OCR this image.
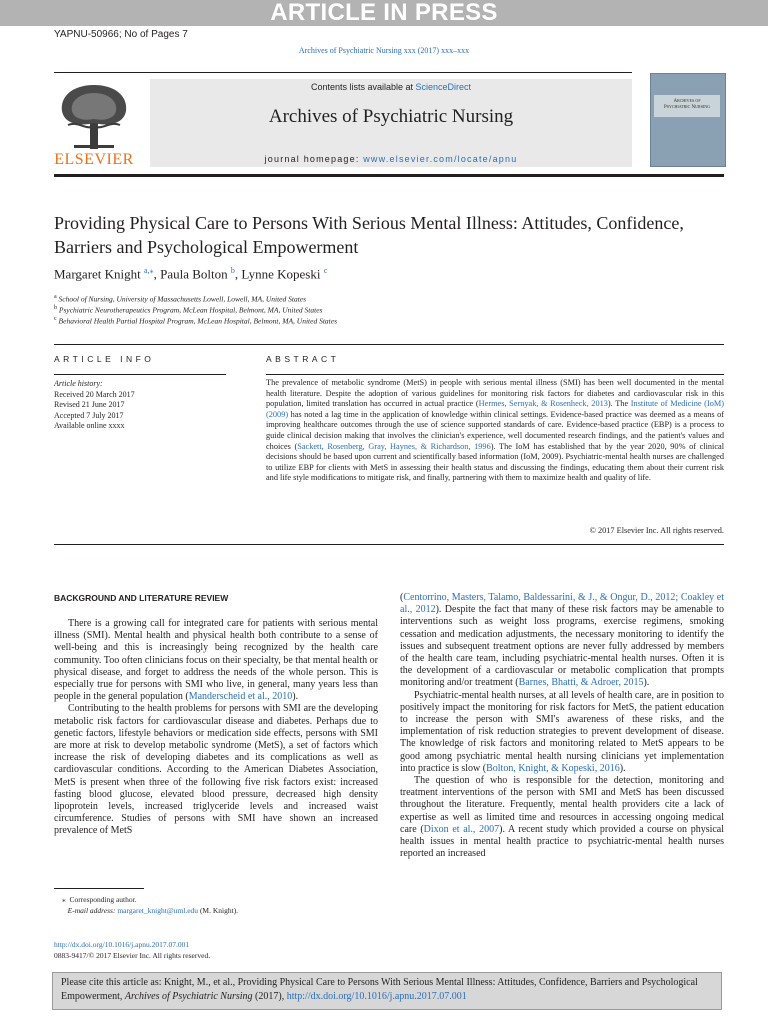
ARTICLE IN PRESS
YAPNU-50966; No of Pages 7
Archives of Psychiatric Nursing xxx (2017) xxx–xxx
ELSEVIER
Contents lists available at ScienceDirect
Archives of Psychiatric Nursing
journal homepage: www.elsevier.com/locate/apnu
Archives of
Psychiatric Nursing
Providing Physical Care to Persons With Serious Mental Illness: Attitudes, Confidence,
Barriers and Psychological Empowerment
Margaret Knight $^{a,⁎}$, Paula Bolton $^b$, Lynne Kopeski $^c$
$^a$ School of Nursing, University of Massachusetts Lowell, Lowell, MA, United States
$^b$ Psychiatric Neurotherapeutics Program, McLean Hospital, Belmont, MA, United States
$^c$ Behavioral Health Partial Hospital Program, McLean Hospital, Belmont, MA, United States
ARTICLE INFO	ABSTRACT
Article history:
Received 20 March 2017
Revised 21 June 2017
Accepted 7 July 2017
Available online xxxx
The prevalence of metabolic syndrome (MetS) in people with serious mental illness (SMI) has been well documented in the mental health literature. Despite the adoption of various guidelines for monitoring risk factors for diabetes and cardiovascular risk in this population, limited translation has occurred in actual practice (Hermes, Sernyak, & Rosenheck, 2013). The Institute of Medicine (IoM) (2009) has noted a lag time in the application of knowledge within clinical settings. Evidence-based practice was deemed as a means of improving healthcare outcomes through the use of science supported standards of care. Evidence-based practice (EBP) is a process to guide clinical decision making that involves the clinician's experience, well documented research findings, and the patient's values and choices (Sackett, Rosenberg, Gray, Haynes, & Richardson, 1996). The IoM has established that by the year 2020, 90% of clinical decisions should be based upon current and scientifically based information (IoM, 2009). Psychiatric-mental health nurses are challenged to utilize EBP for clients with MetS in assessing their health status and discussing the findings, educating them about their current risk and life style modifications to mitigate risk, and finally, partnering with them to maximize health and quality of life.
© 2017 Elsevier Inc. All rights reserved.
BACKGROUND AND LITERATURE REVIEW

There is a growing call for integrated care for patients with serious mental illness (SMI). Mental health and physical health both contribute to a sense of well-being and this is increasingly being recognized by the health care community. Too often clinicians focus on their specialty, be that mental health or physical disease, and forget to address the needs of the whole person. This is especially true for persons with SMI who live, in general, many years less than people in the general population (Manderscheid et al., 2010).

Contributing to the health problems for persons with SMI are the developing metabolic risk factors for cardiovascular disease and diabetes. Perhaps due to genetic factors, lifestyle behaviors or medication side effects, persons with SMI are more at risk to develop metabolic syndrome (MetS), a set of factors which increase the risk of developing diabetes and its complications as well as cardiovascular conditions. According to the American Diabetes Association, MetS is present when three of the following five risk factors exist: increased fasting blood glucose, elevated blood pressure, decreased high density lipoprotein levels, increased triglyceride levels and increased waist circumference. Studies of persons with SMI have shown an increased prevalence of MetS

(Centorrino, Masters, Talamo, Baldessarini, & J., & Ongur, D., 2012; Coakley et al., 2012). Despite the fact that many of these risk factors may be amenable to interventions such as weight loss programs, exercise regimens, smoking cessation and medication adjustments, the necessary monitoring to identify the issues and subsequent treatment options are never fully addressed by members of the health care team, including psychiatric-mental health nurses. Often it is the development of a cardiovascular or metabolic complication that prompts monitoring and/or treatment (Barnes, Bhatti, & Adroer, 2015).

Psychiatric-mental health nurses, at all levels of health care, are in position to positively impact the monitoring for risk factors for MetS, the patient education to increase the person with SMI's awareness of these risks, and the implementation of risk reduction strategies to prevent development of disease. The knowledge of risk factors and monitoring related to MetS appears to be good among psychiatric mental health nursing clinicians yet implementation into practice is slow (Bolton, Knight, & Kopeski, 2016).

The question of who is responsible for the detection, monitoring and treatment interventions of the person with SMI and MetS has been discussed throughout the literature. Frequently, mental health providers cite a lack of expertise as well as limited time and resources in accessing ongoing medical care (Dixon et al., 2007). A recent study which provided a course on physical health issues in mental health practice to psychiatric-mental health nurses reported an increased

⁎ Corresponding author.
E-mail address: margaret_knight@uml.edu (M. Knight).
http://dx.doi.org/10.1016/j.apnu.2017.07.001
0883-9417/© 2017 Elsevier Inc. All rights reserved.
Please cite this article as: Knight, M., et al., Providing Physical Care to Persons With Serious Mental Illness: Attitudes, Confidence, Barriers and Psychological Empowerment, Archives of Psychiatric Nursing (2017), http://dx.doi.org/10.1016/j.apnu.2017.07.001
